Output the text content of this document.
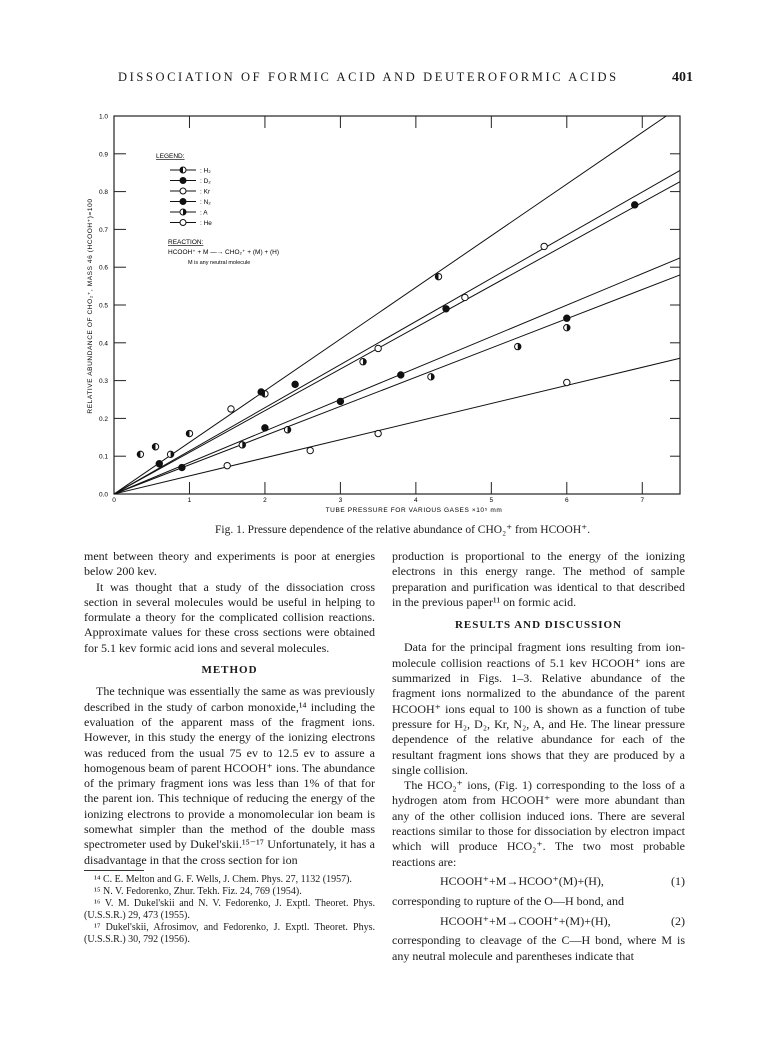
DISSOCIATION OF FORMIC ACID AND DEUTEROFORMIC ACIDS	401
0.0
0.1
0.2
0.3
0.4
0.5
0.6
0.7
0.8
0.9
1.0
0	1	2	3	4	5	6	7
LEGEND:
: H₂
: D₂
: Kr
: N₂
: A
: He
REACTION:
HCOOH⁺ + M —→ CHO₂⁺ + (M) + (H)
M is any neutral molecule
TUBE PRESSURE FOR VARIOUS GASES ×10⁵ mm
RELATIVE ABUNDANCE OF CHO₂⁺, MASS 46 (HCOOH⁺)=100
Fig. 1. Pressure dependence of the relative abundance of CHO₂⁺ from HCOOH⁺.

ment between theory and experiments is poor at energies below 200 kev.

It was thought that a study of the dissociation cross section in several molecules would be useful in helping to formulate a theory for the complicated collision reactions. Approximate values for these cross sections were obtained for 5.1 kev formic acid ions and several molecules.

METHOD

The technique was essentially the same as was previously described in the study of carbon monoxide,¹⁴ including the evaluation of the apparent mass of the fragment ions. However, in this study the energy of the ionizing electrons was reduced from the usual 75 ev to 12.5 ev to assure a homogenous beam of parent HCOOH⁺ ions. The abundance of the primary fragment ions was less than 1% of that for the parent ion. This technique of reducing the energy of the ionizing electrons to provide a monomolecular ion beam is somewhat simpler than the method of the double mass spectrometer used by Dukel'skii.¹⁵⁻¹⁷ Unfortunately, it has a disadvantage in that the cross section for ion

¹⁴ C. E. Melton and G. F. Wells, J. Chem. Phys. 27, 1132 (1957).

¹⁵ N. V. Fedorenko, Zhur. Tekh. Fiz. 24, 769 (1954).

¹⁶ V. M. Dukel'skii and N. V. Fedorenko, J. Exptl. Theoret. Phys. (U.S.S.R.) 29, 473 (1955).

¹⁷ Dukel'skii, Afrosimov, and Fedorenko, J. Exptl. Theoret. Phys. (U.S.S.R.) 30, 792 (1956).

production is proportional to the energy of the ionizing electrons in this energy range. The method of sample preparation and purification was identical to that described in the previous paper¹¹ on formic acid.

RESULTS AND DISCUSSION

Data for the principal fragment ions resulting from ion-molecule collision reactions of 5.1 kev HCOOH⁺ ions are summarized in Figs. 1–3. Relative abundance of the fragment ions normalized to the abundance of the parent HCOOH⁺ ions equal to 100 is shown as a function of tube pressure for H₂, D₂, Kr, N₂, A, and He. The linear pressure dependence of the relative abundance for each of the resultant fragment ions shows that they are produced by a single collision.

The HCO₂⁺ ions, (Fig. 1) corresponding to the loss of a hydrogen atom from HCOOH⁺ were more abundant than any of the other collision induced ions. There are several reactions similar to those for dissociation by electron impact which will produce HCO₂⁺. The two most probable reactions are:

HCOOH⁺+M→HCOO⁺(M)+(H),	(1)

corresponding to rupture of the O—H bond, and

HCOOH⁺+M→COOH⁺+(M)+(H),	(2)

corresponding to cleavage of the C—H bond, where M is any neutral molecule and parentheses indicate that
